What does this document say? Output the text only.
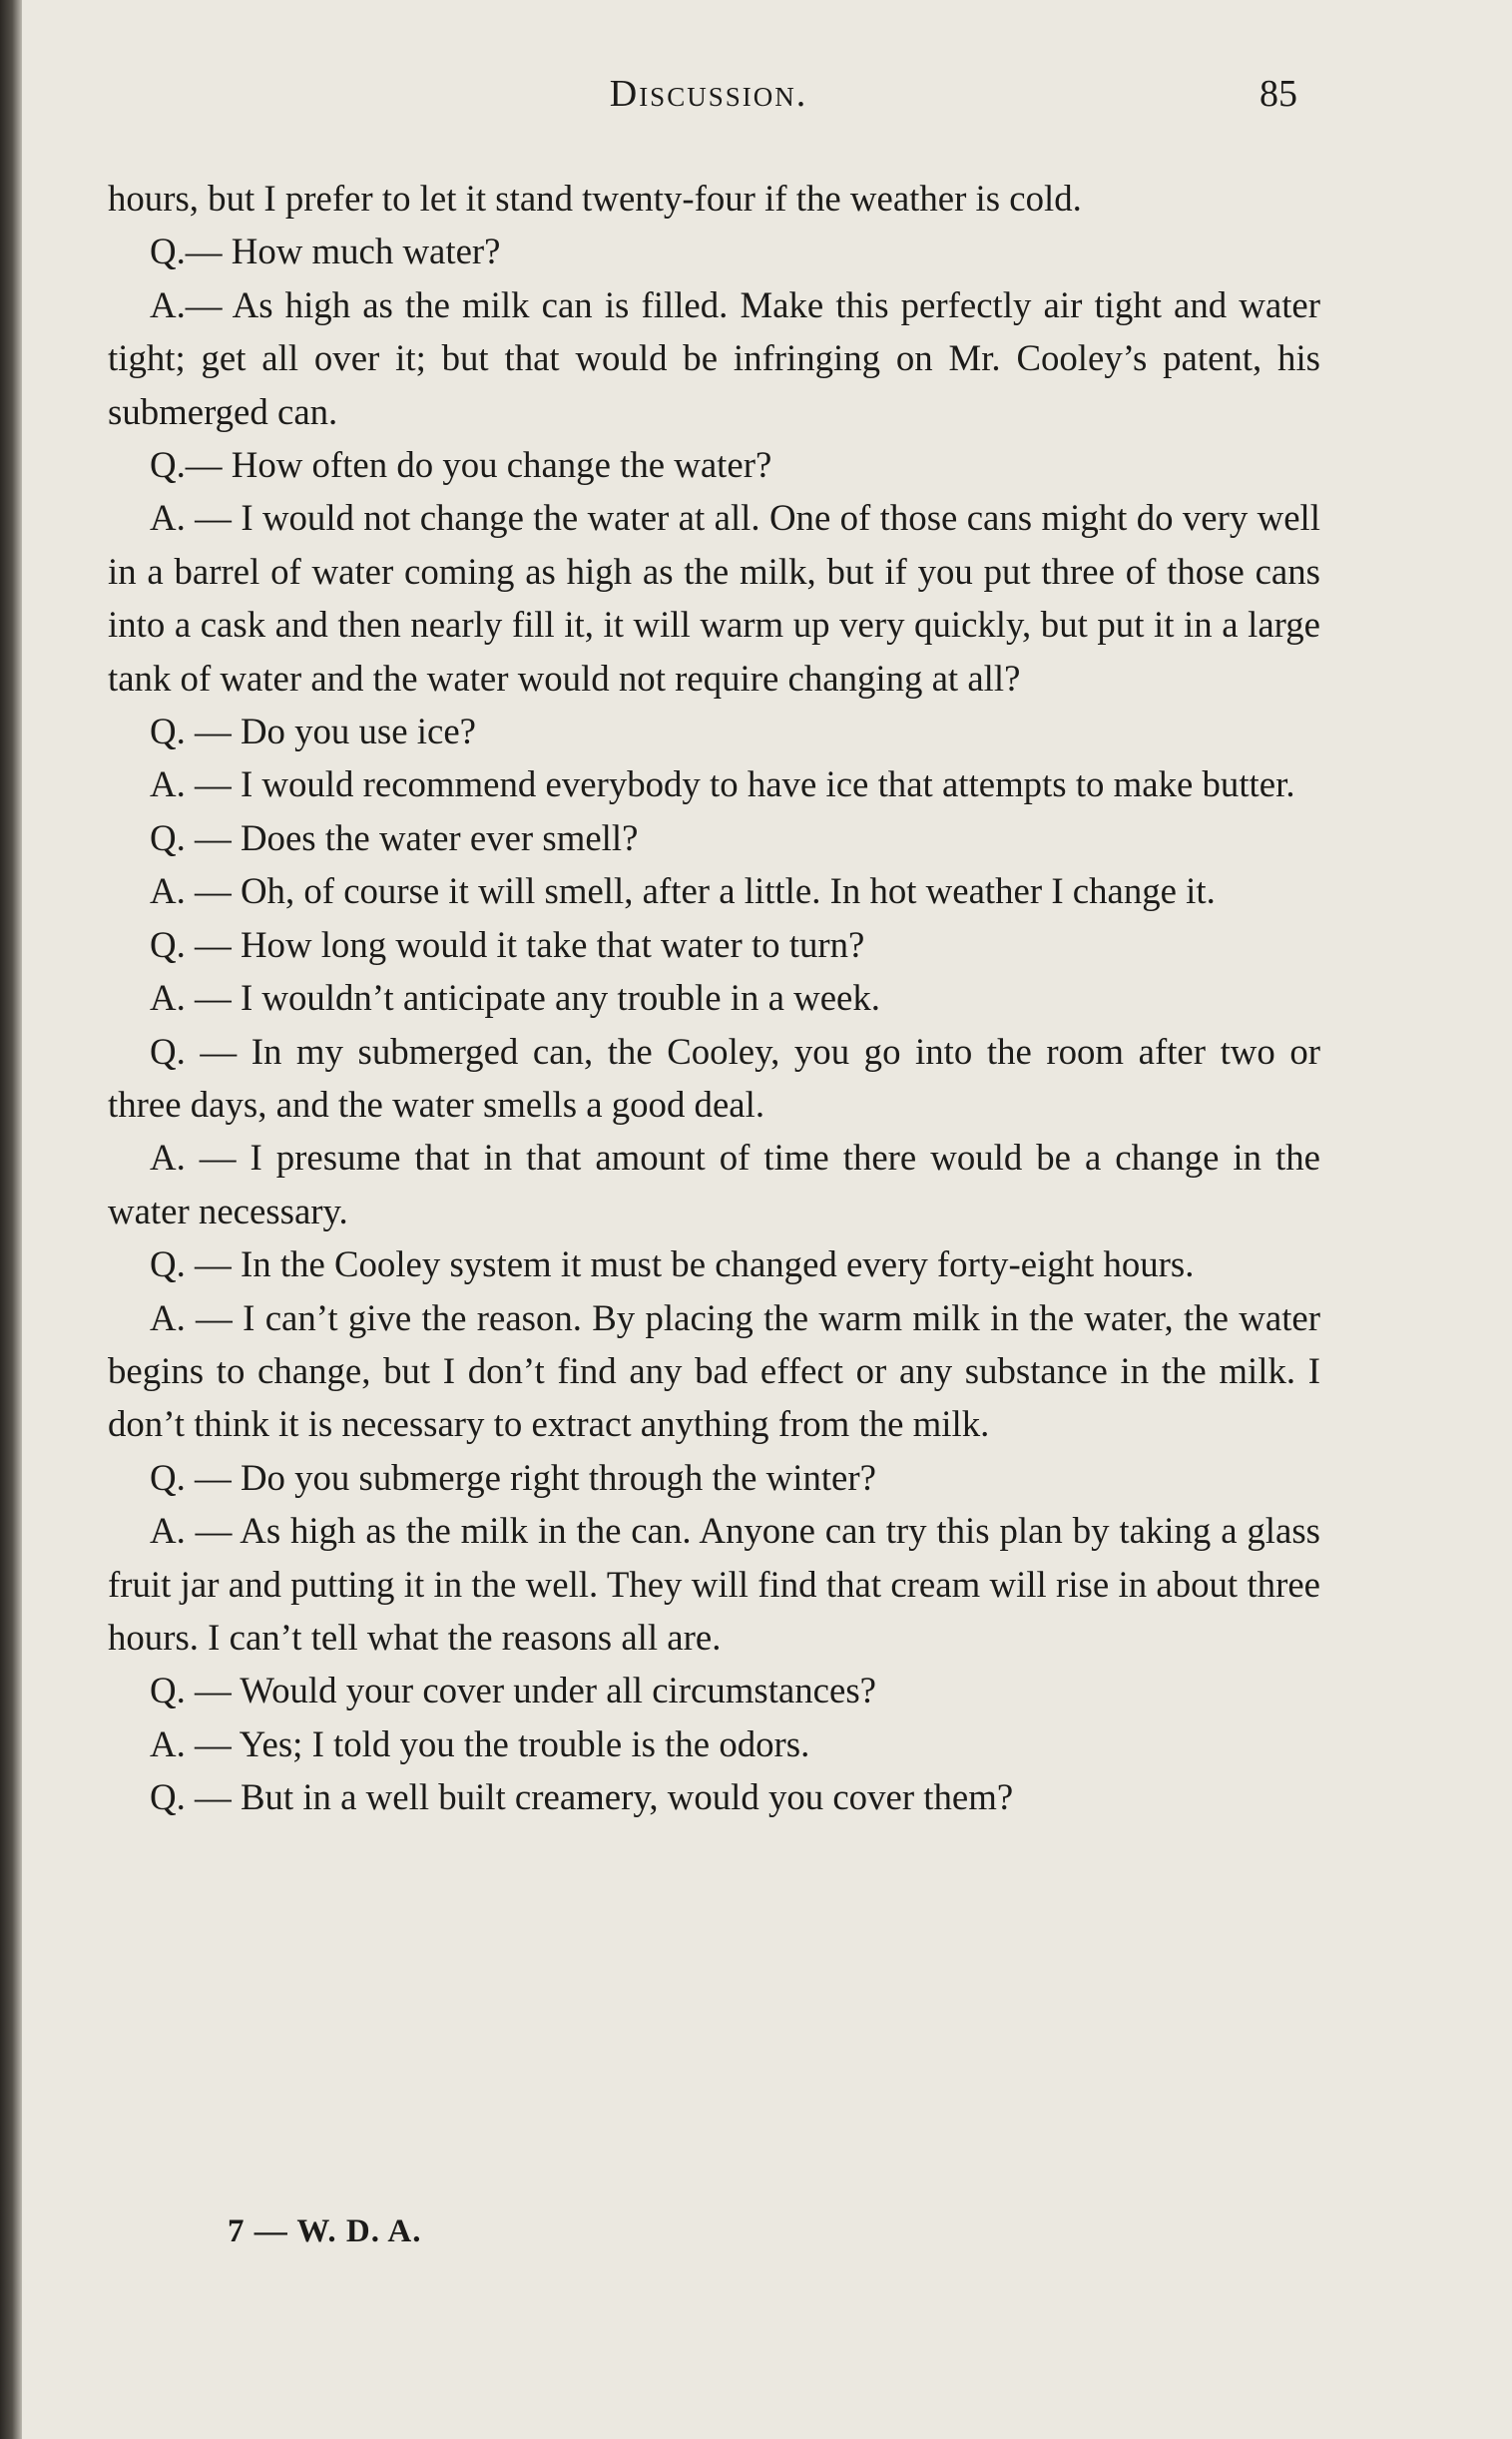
Discussion.	85

hours, but I prefer to let it stand twenty-four if the weather is cold.

Q.— How much water?

A.— As high as the milk can is filled. Make this perfectly air tight and water tight; get all over it; but that would be infringing on Mr. Cooley’s patent, his submerged can.

Q.— How often do you change the water?

A. — I would not change the water at all. One of those cans might do very well in a barrel of water coming as high as the milk, but if you put three of those cans into a cask and then nearly fill it, it will warm up very quickly, but put it in a large tank of water and the water would not require changing at all?

Q. — Do you use ice?

A. — I would recommend everybody to have ice that attempts to make butter.

Q. — Does the water ever smell?

A. — Oh, of course it will smell, after a little. In hot weather I change it.

Q. — How long would it take that water to turn?

A. — I wouldn’t anticipate any trouble in a week.

Q. — In my submerged can, the Cooley, you go into the room after two or three days, and the water smells a good deal.

A. — I presume that in that amount of time there would be a change in the water necessary.

Q. — In the Cooley system it must be changed every forty-eight hours.

A. — I can’t give the reason. By placing the warm milk in the water, the water begins to change, but I don’t find any bad effect or any substance in the milk. I don’t think it is necessary to extract anything from the milk.

Q. — Do you submerge right through the winter?

A. — As high as the milk in the can. Anyone can try this plan by taking a glass fruit jar and putting it in the well. They will find that cream will rise in about three hours. I can’t tell what the reasons all are.

Q. — Would your cover under all circumstances?

A. — Yes; I told you the trouble is the odors.

Q. — But in a well built creamery, would you cover them?

7 — W. D. A.
